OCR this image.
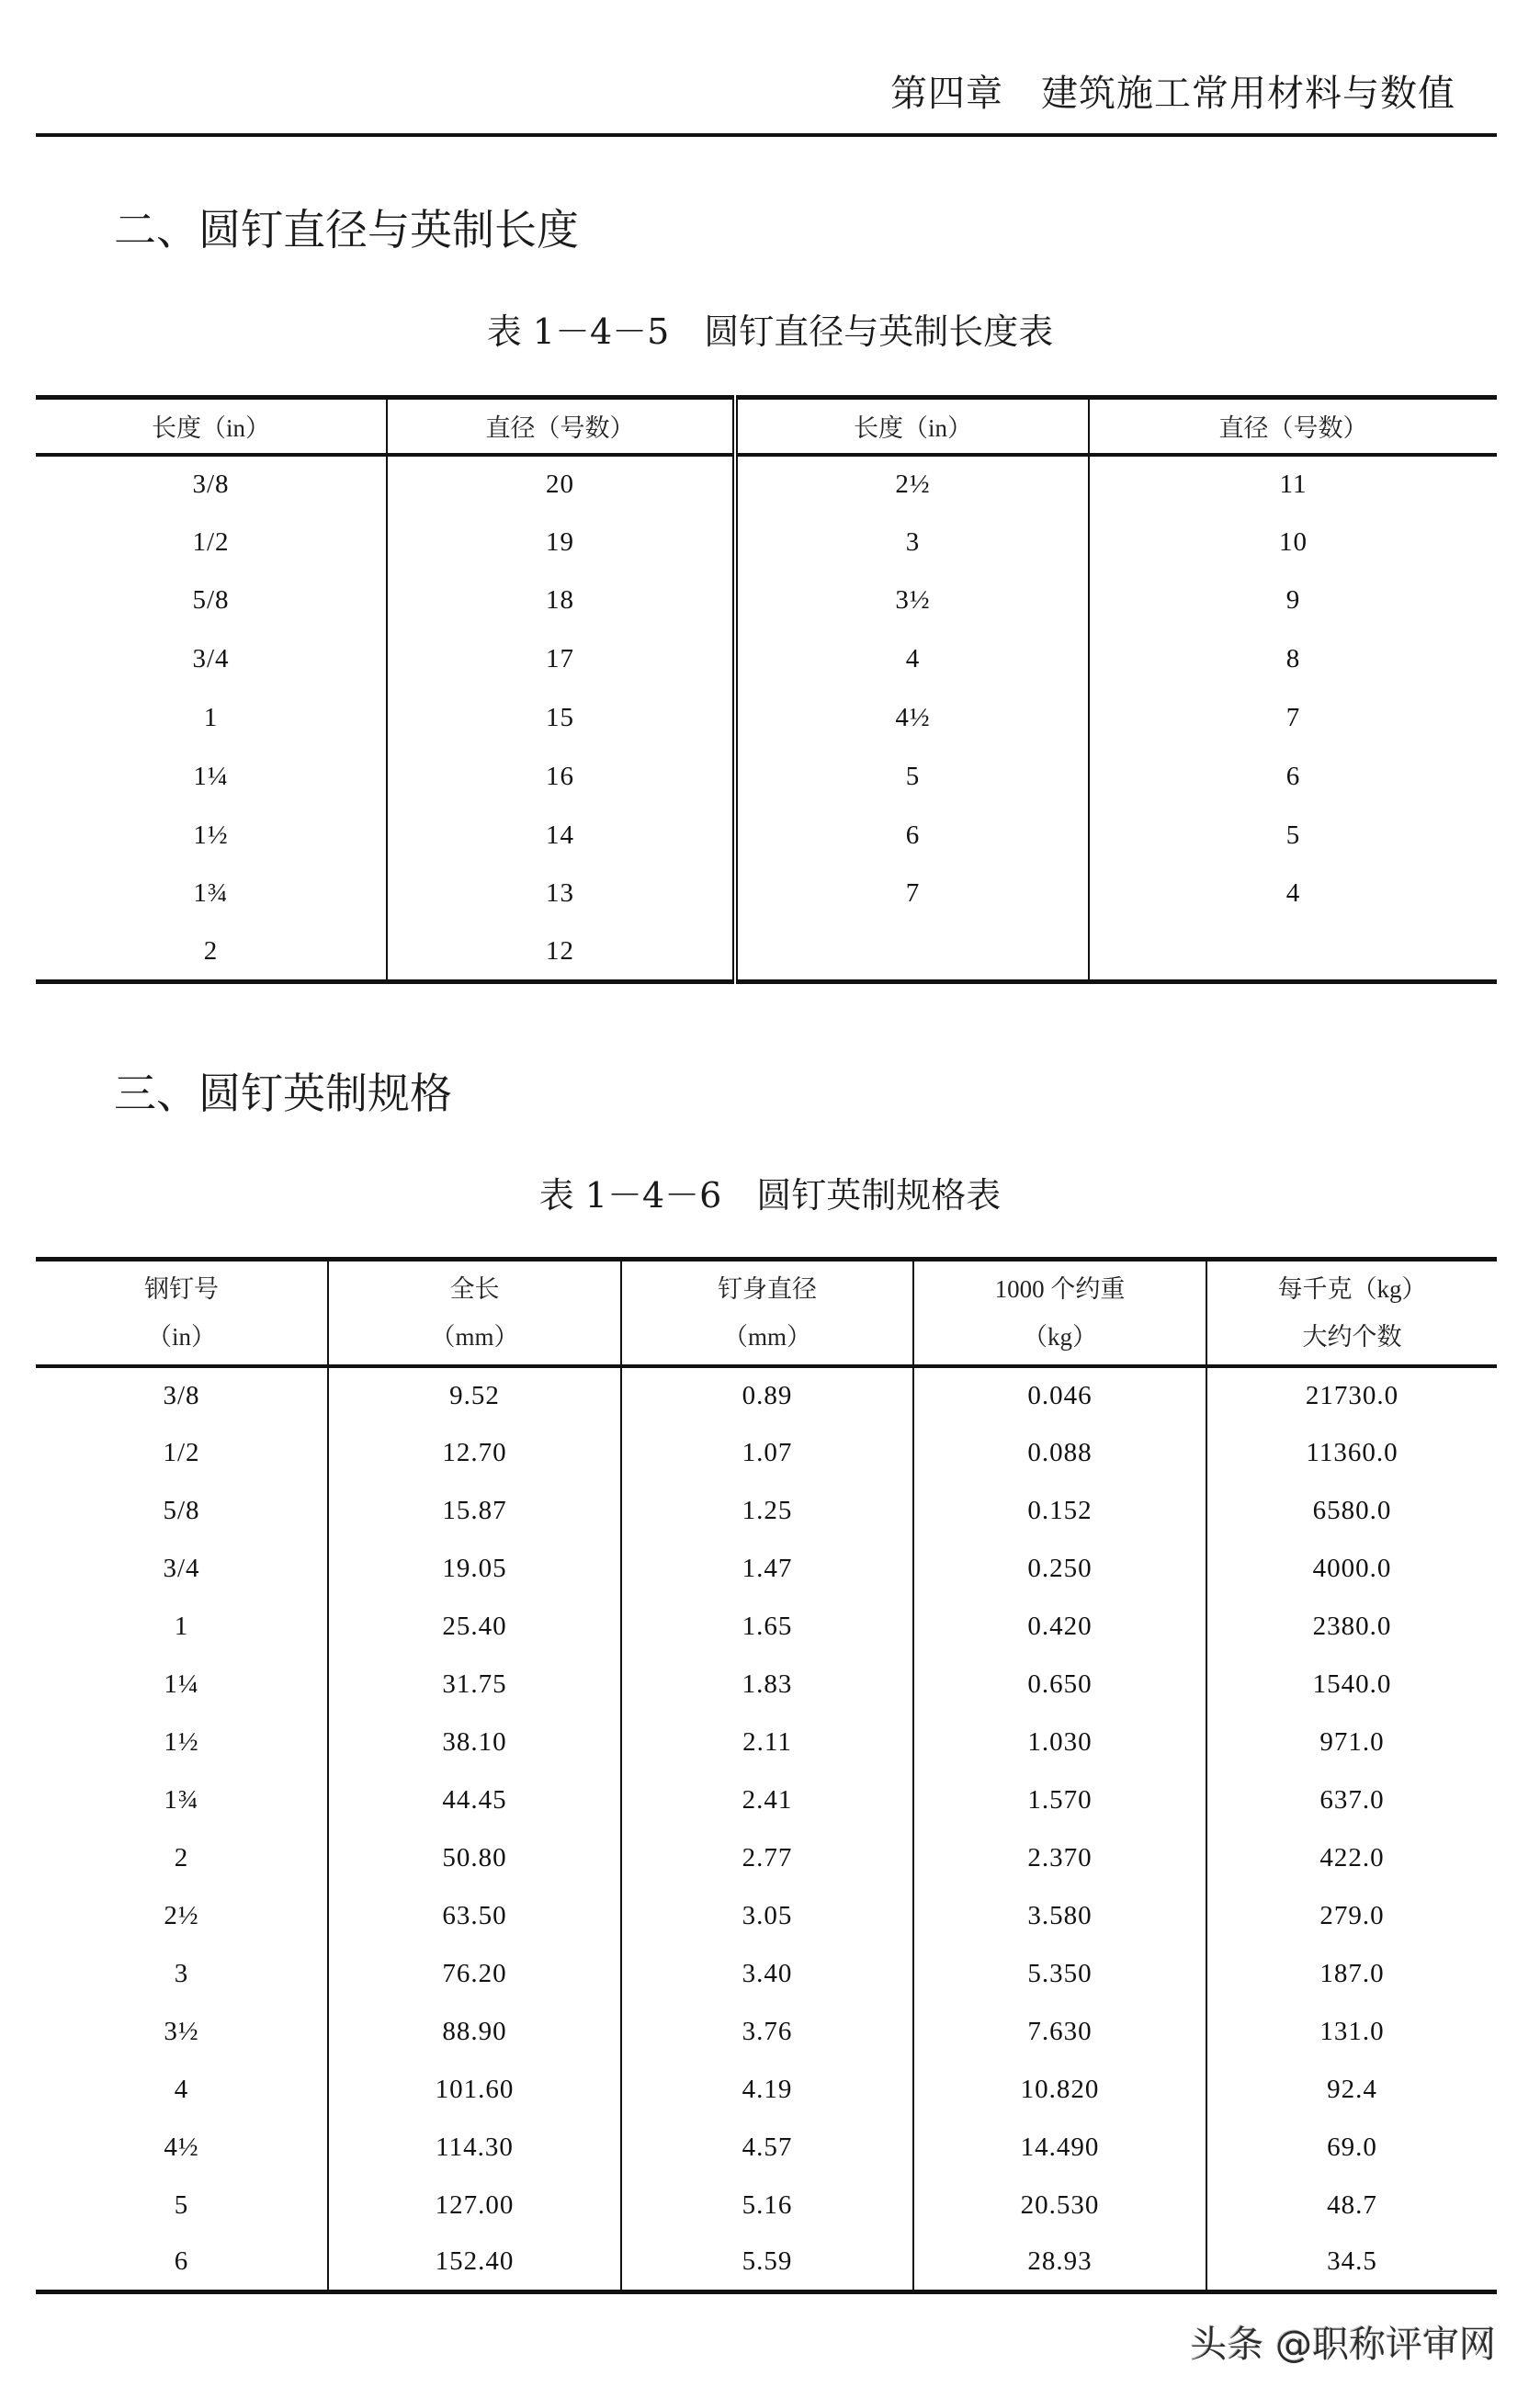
第四章　建筑施工常用材料与数值
二、圆钉直径与英制长度
表 1－4－5　圆钉直径与英制长度表
长度（in）	直径（号数）	长度（in）	直径（号数）
3/8	20	2½	11
1/2	19	3	10
5/8	18	3½	9
3/4	17	4	8
1	15	4½	7
1¼	16	5	6
1½	14	6	5
1¾	13	7	4
2	12		
三、圆钉英制规格
表 1－4－6　圆钉英制规格表
钢钉号
（in）

全长
（mm）

钉身直径
（mm）

1000 个约重
（kg）

每千克（kg）
大约个数

3/8	9.52	0.89	0.046	21730.0
1/2	12.70	1.07	0.088	11360.0
5/8	15.87	1.25	0.152	6580.0
3/4	19.05	1.47	0.250	4000.0
1	25.40	1.65	0.420	2380.0
1¼	31.75	1.83	0.650	1540.0
1½	38.10	2.11	1.030	971.0
1¾	44.45	2.41	1.570	637.0
2	50.80	2.77	2.370	422.0
2½	63.50	3.05	3.580	279.0
3	76.20	3.40	5.350	187.0
3½	88.90	3.76	7.630	131.0
4	101.60	4.19	10.820	92.4
4½	114.30	4.57	14.490	69.0
5	127.00	5.16	20.530	48.7
6	152.40	5.59	28.93	34.5
头条 @职称评审网
